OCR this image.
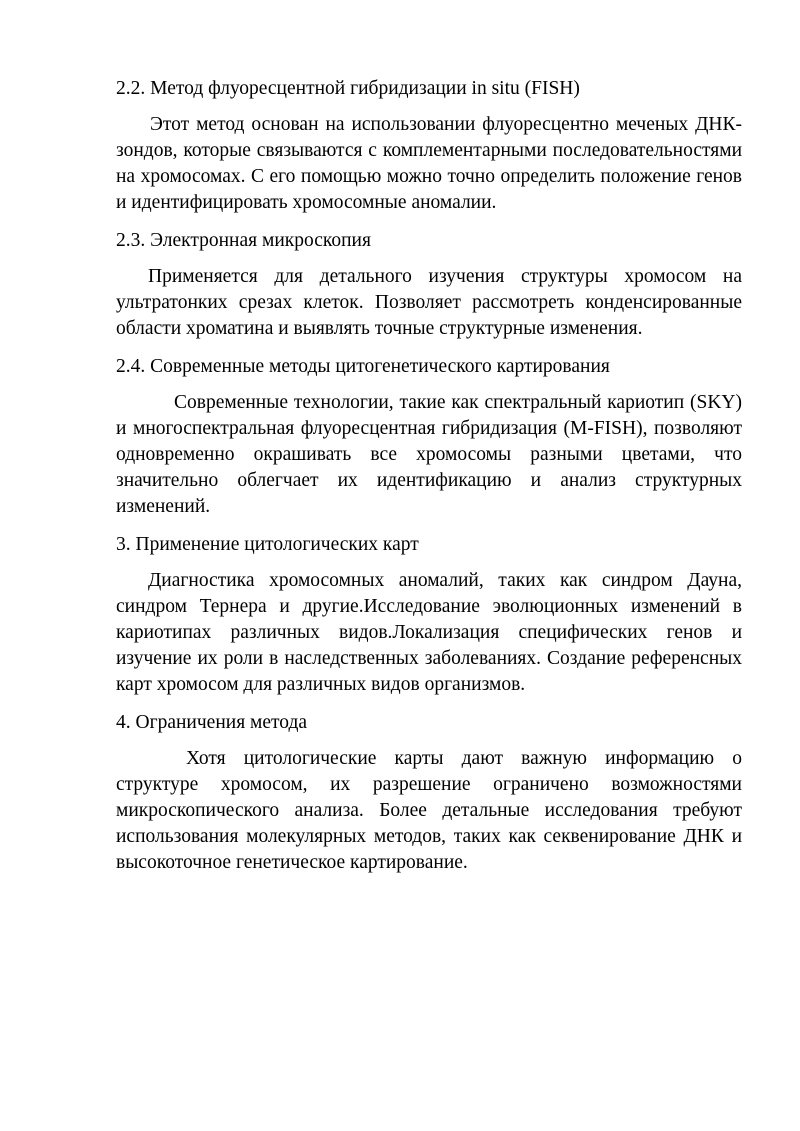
2.2. Метод флуоресцентной гибридизации in situ (FISH)

Этот метод основан на использовании флуоресцентно меченых ДНК-зондов, которые связываются с комплементарными последовательностями на хромосомах. С его помощью можно точно определить положение генов и идентифицировать хромосомные аномалии.

2.3. Электронная микроскопия

Применяется для детального изучения структуры хромосом на ультратонких срезах клеток. Позволяет рассмотреть конденсированные области хроматина и выявлять точные структурные изменения.

2.4. Современные методы цитогенетического картирования

Современные технологии, такие как спектральный кариотип (SKY) и многоспектральная флуоресцентная гибридизация (M-FISH), позволяют одновременно окрашивать все хромосомы разными цветами, что значительно облегчает их идентификацию и анализ структурных изменений.

3. Применение цитологических карт

Диагностика хромосомных аномалий, таких как синдром Дауна, синдром Тернера и другие.Исследование эволюционных изменений в кариотипах различных видов.Локализация специфических генов и изучение их роли в наследственных заболеваниях. Создание референсных карт хромосом для различных видов организмов.

4. Ограничения метода

Хотя цитологические карты дают важную информацию о структуре хромосом, их разрешение ограничено возможностями микроскопического анализа. Более детальные исследования требуют использования молекулярных методов, таких как секвенирование ДНК и высокоточное генетическое картирование.
